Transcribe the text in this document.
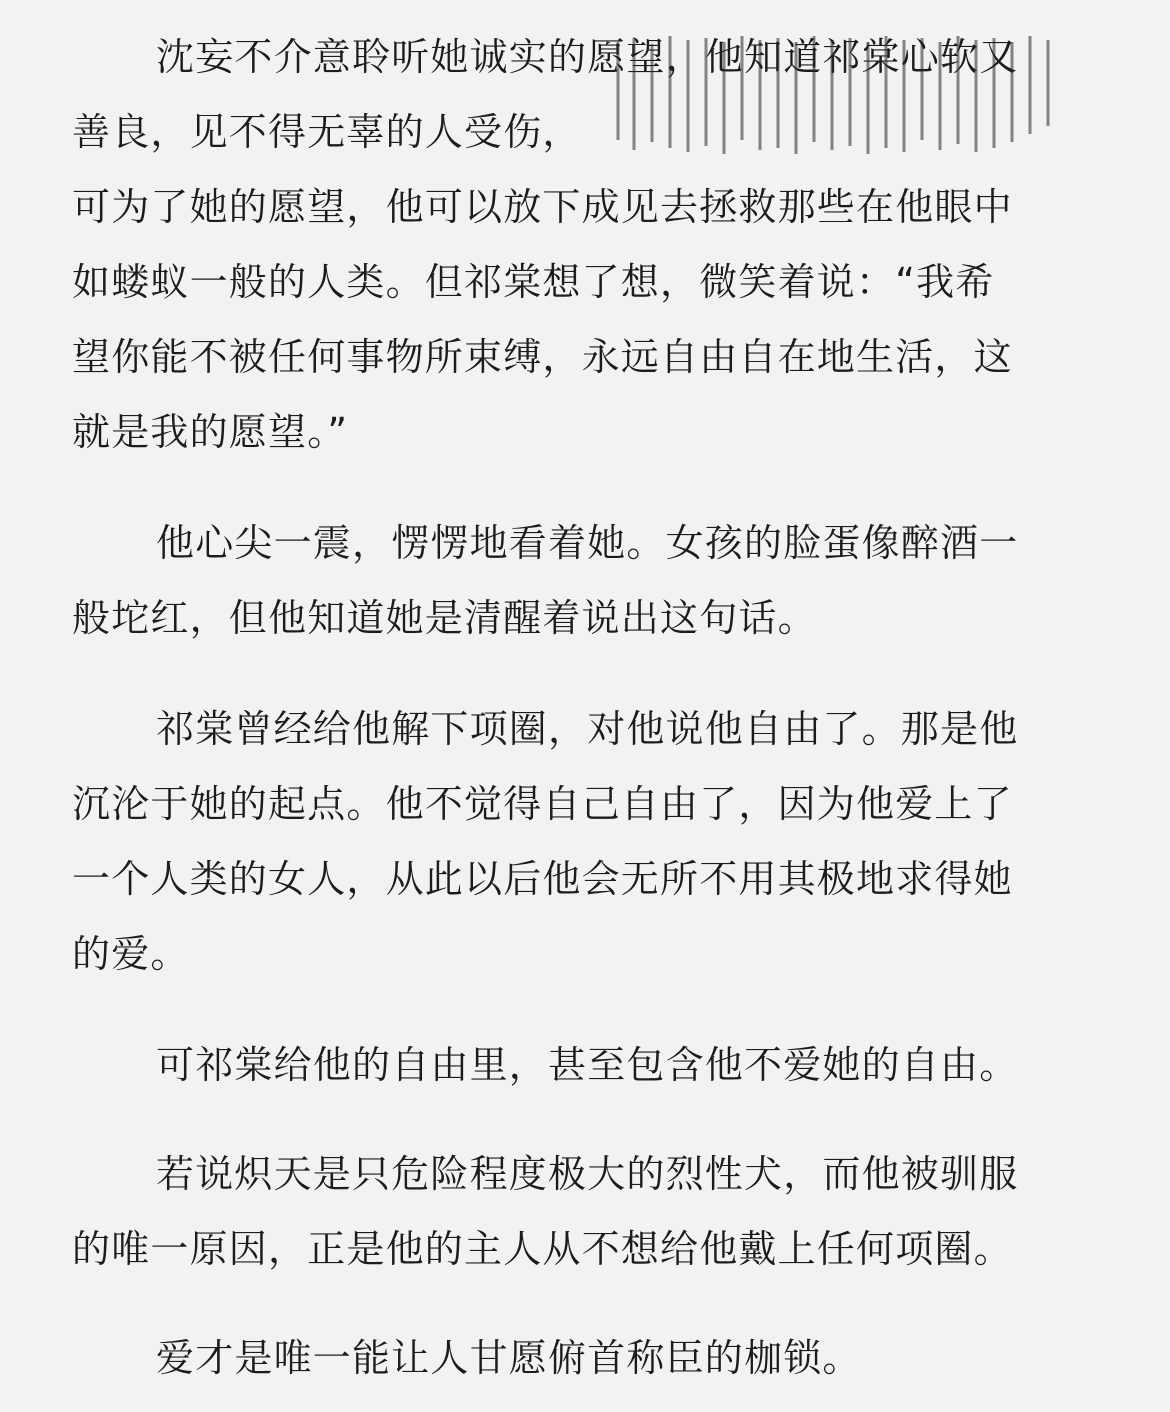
沈妄不介意聆听她诚实的愿望，他知道祁棠心软又
善良，见不得无辜的人受伤，
可为了她的愿望，他可以放下成见去拯救那些在他眼中
如蝼蚁一般的人类。但祁棠想了想，微笑着说：“我希
望你能不被任何事物所束缚，永远自由自在地生活，这
就是我的愿望。”

他心尖一震，愣愣地看着她。女孩的脸蛋像醉酒一
般坨红，但他知道她是清醒着说出这句话。

祁棠曾经给他解下项圈，对他说他自由了。那是他
沉沦于她的起点。他不觉得自己自由了，因为他爱上了
一个人类的女人，从此以后他会无所不用其极地求得她
的爱。

可祁棠给他的自由里，甚至包含他不爱她的自由。

若说炽天是只危险程度极大的烈性犬，而他被驯服
的唯一原因，正是他的主人从不想给他戴上任何项圈。

爱才是唯一能让人甘愿俯首称臣的枷锁。
